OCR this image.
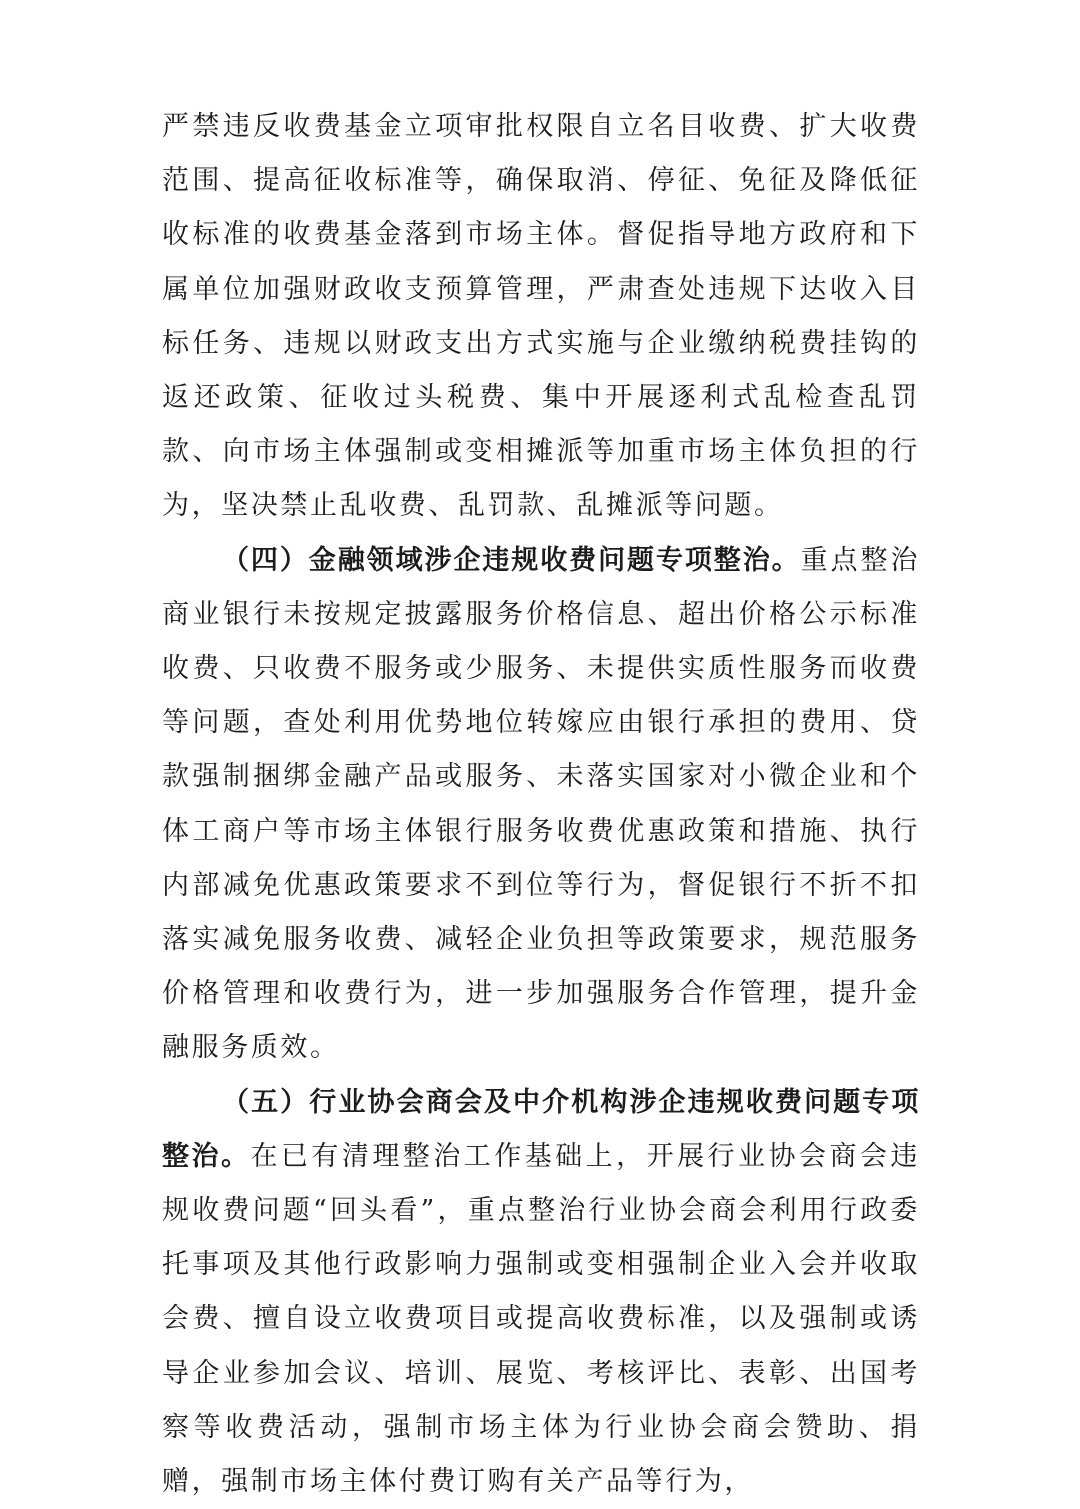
严禁违反收费基金立项审批权限自立名目收费、扩大收费范围、提高征收标准等，确保取消、停征、免征及降低征收标准的收费基金落到市场主体。督促指导地方政府和下属单位加强财政收支预算管理，严肃查处违规下达收入目标任务、违规以财政支出方式实施与企业缴纳税费挂钩的返还政策、征收过头税费、集中开展逐利式乱检查乱罚款、向市场主体强制或变相摊派等加重市场主体负担的行为，坚决禁止乱收费、乱罚款、乱摊派等问题。

（四）金融领域涉企违规收费问题专项整治。重点整治商业银行未按规定披露服务价格信息、超出价格公示标准收费、只收费不服务或少服务、未提供实质性服务而收费等问题，查处利用优势地位转嫁应由银行承担的费用、贷款强制捆绑金融产品或服务、未落实国家对小微企业和个体工商户等市场主体银行服务收费优惠政策和措施、执行内部减免优惠政策要求不到位等行为，督促银行不折不扣落实减免服务收费、减轻企业负担等政策要求，规范服务价格管理和收费行为，进一步加强服务合作管理，提升金融服务质效。

（五）行业协会商会及中介机构涉企违规收费问题专项整治。在已有清理整治工作基础上，开展行业协会商会违规收费问题“回头看”，重点整治行业协会商会利用行政委托事项及其他行政影响力强制或变相强制企业入会并收取会费、擅自设立收费项目或提高收费标准，以及强制或诱导企业参加会议、培训、展览、考核评比、表彰、出国考察等收费活动，强制市场主体为行业协会商会赞助、捐赠，强制市场主体付费订购有关产品等行为，
